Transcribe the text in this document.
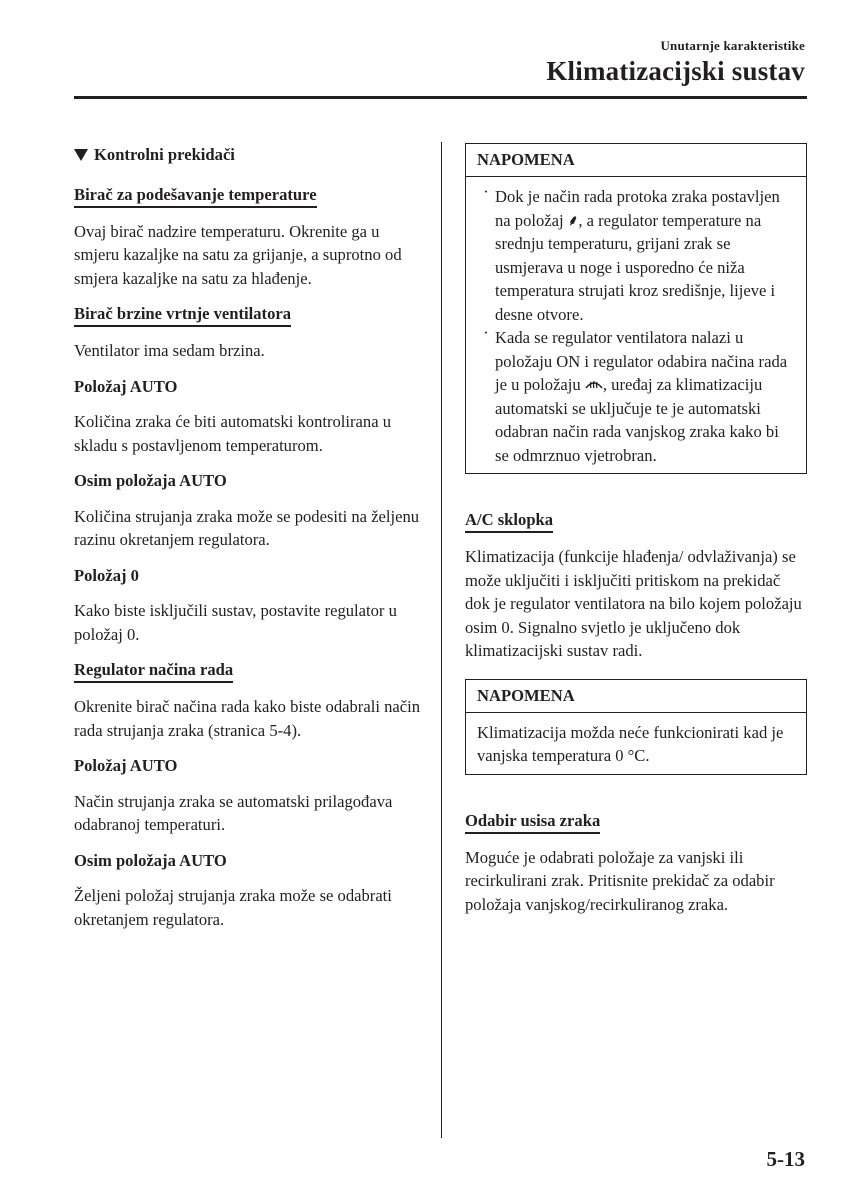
Unutarnje karakteristike
Klimatizacijski sustav
Kontrolni prekidači
Birač za podešavanje temperature

Ovaj birač nadzire temperaturu. Okrenite ga u smjeru kazaljke na satu za grijanje, a suprotno od smjera kazaljke na satu za hlađenje.

Birač brzine vrtnje ventilatora

Ventilator ima sedam brzina.

Položaj AUTO

Količina zraka će biti automatski kontrolirana u skladu s postavljenom temperaturom.

Osim položaja AUTO

Količina strujanja zraka može se podesiti na željenu razinu okretanjem regulatora.

Položaj 0

Kako biste isključili sustav, postavite regulator u položaj 0.

Regulator načina rada

Okrenite birač načina rada kako biste odabrali način rada strujanja zraka (stranica 5-4).

Položaj AUTO

Način strujanja zraka se automatski prilagođava odabranoj temperaturi.

Osim položaja AUTO

Željeni položaj strujanja zraka može se odabrati okretanjem regulatora.

NAPOMENA
· Dok je način rada protoka zraka postavljen na položaj ⸙, a regulator temperature na srednju temperaturu, grijani zrak se usmjerava u noge i usporedno će niža temperatura strujati kroz središnje, lijeve i desne otvore.
· Kada se regulator ventilatora nalazi u položaju ON i regulator odabira načina rada je u položaju , uređaj za klimatizaciju automatski se uključuje te je automatski odabran način rada vanjskog zraka kako bi se odmrznuo vjetrobran.
A/C sklopka

Klimatizacija (funkcije hlađenja/ odvlaživanja) se može uključiti i isključiti pritiskom na prekidač dok je regulator ventilatora na bilo kojem položaju osim 0. Signalno svjetlo je uključeno dok klimatizacijski sustav radi.

NAPOMENA
Klimatizacija možda neće funkcionirati kad je vanjska temperatura 0 °C.
Odabir usisa zraka

Moguće je odabrati položaje za vanjski ili recirkulirani zrak. Pritisnite prekidač za odabir položaja vanjskog/recirkuliranog zraka.

5-13
